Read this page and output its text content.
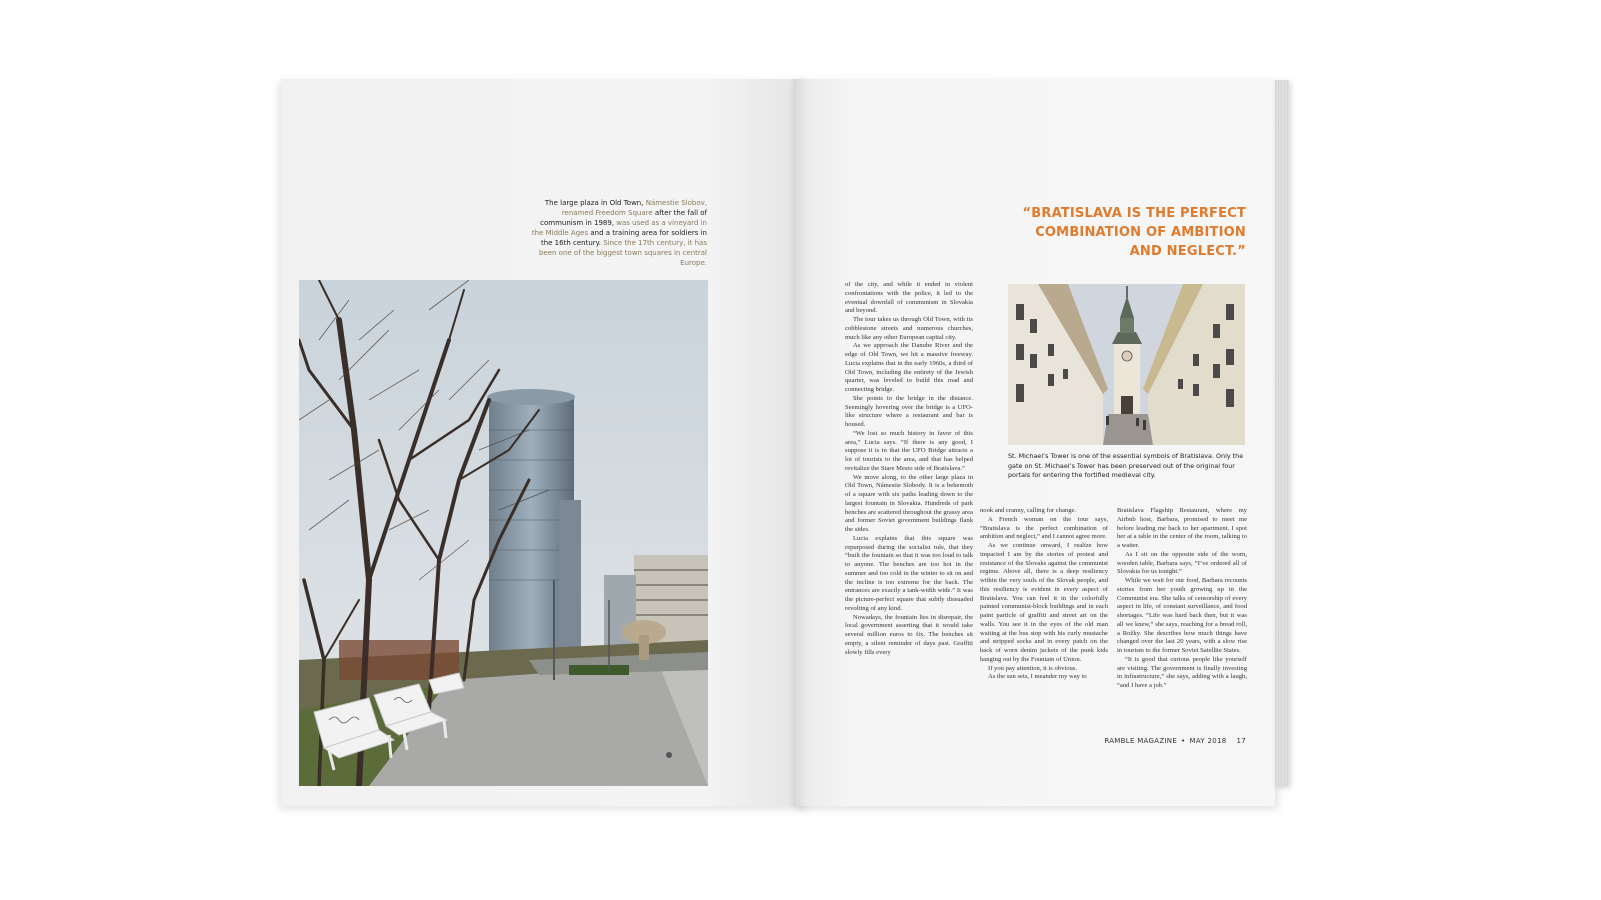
The large plaza in Old Town, Námestie Slobov, renamed Freedom Square after the fall of communism in 1989, was used as a vineyard in the Middle Ages and a training area for soldiers in the 16th century. Since the 17th century, it has been one of the biggest town squares in central Europe.
“BRATISLAVA IS THE PERFECT COMBINATION OF AMBITION AND NEGLECT.”
St. Michael’s Tower is one of the essential symbols of Bratislava. Only the gate on St. Michael’s Tower has been preserved out of the original four portals for entering the fortified medieval city.

of the city, and while it ended in violent confrontations with the police, it led to the eventual downfall of communism in Slovakia and beyond.

The tour takes us through Old Town, with its cobblestone streets and numerous churches, much like any other European capital city.

As we approach the Danube River and the edge of Old Town, we hit a massive freeway. Lucia explains that in the early 1960s, a third of Old Town, including the entirety of the Jewish quarter, was leveled to build this road and connecting bridge.

She points to the bridge in the distance. Seemingly hovering over the bridge is a UFO-like structure where a restaurant and bar is housed.

“We lost so much history in favor of this area,” Lucia says. “If there is any good, I suppose it is in that the UFO Bridge attracts a lot of tourists to the area, and that has helped revitalize the Stare Mesto side of Bratislava.”

We move along, to the other large plaza in Old Town, Námestie Slobody. It is a behemoth of a square with six paths leading down to the largest fountain in Slovakia. Hundreds of park benches are scattered throughout the grassy area and former Soviet government buildings flank the sides.

Lucia explains that this square was repurposed during the socialist rule, that they “built the fountain so that it was too loud to talk to anyone. The benches are too hot in the summer and too cold in the winter to sit on and the incline is too extreme for the back. The entrances are exactly a tank-width wide.” It was the picture-perfect square that subtly dissuaded revolting of any kind.

Nowadays, the fountain lies in disrepair, the local government asserting that it would take several million euros to fix. The benches sit empty, a silent reminder of days past. Graffiti slowly fills every

nook and cranny, calling for change.

A French woman on the tour says, “Bratislava is the perfect combination of ambition and neglect,” and I cannot agree more.

As we continue onward, I realize how impacted I am by the stories of protest and resistance of the Slovaks against the communist regime. Above all, there is a deep resiliency within the very souls of the Slovak people, and this resiliency is evident in every aspect of Bratislava. You can feel it in the colorfully painted communist-block buildings and in each paint particle of graffiti and street art on the walls. You see it in the eyes of the old man waiting at the bus stop with his curly mustache and stripped socks and in every patch on the back of worn denim jackets of the punk kids hanging out by the Fountain of Union.

If you pay attention, it is obvious.

As the sun sets, I meander my way to

Bratislava Flagship Restaurant, where my Airbnb host, Barbara, promised to meet me before leading me back to her apartment. I spot her at a table in the center of the room, talking to a waiter.

As I sit on the opposite side of the worn, wooden table, Barbara says, “I’ve ordered all of Slovakia for us tonight.”

While we wait for our food, Barbara recounts stories from her youth growing up in the Communist era. She talks of censorship of every aspect in life, of constant surveillance, and food shortages. “Life was hard back then, but it was all we knew,” she says, reaching for a bread roll, a Rožky. She describes how much things have changed over the last 20 years, with a slow rise in tourism to the former Soviet Satellite States.

“It is good that curious people like yourself are visiting. The government is finally investing in infrastructure,” she says, adding with a laugh, “and I have a job.”

RAMBLE MAGAZINE • MAY 2018 17
